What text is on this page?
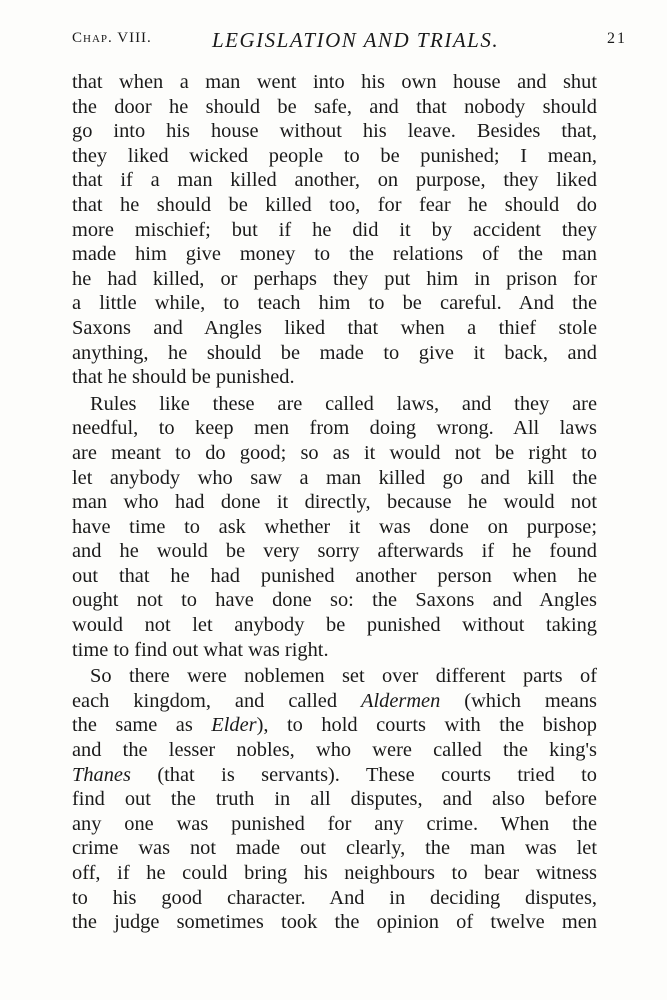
Chap. VIII.	LEGISLATION AND TRIALS.	21
that when a man went into his own house and shut
the door he should be safe, and that nobody should
go into his house without his leave. Besides that,
they liked wicked people to be punished; I mean,
that if a man killed another, on purpose, they liked
that he should be killed too, for fear he should do
more mischief; but if he did it by accident they
made him give money to the relations of the man
he had killed, or perhaps they put him in prison for
a little while, to teach him to be careful. And the
Saxons and Angles liked that when a thief stole
anything, he should be made to give it back, and
that he should be punished.
Rules like these are called laws, and they are
needful, to keep men from doing wrong. All laws
are meant to do good; so as it would not be right to
let anybody who saw a man killed go and kill the
man who had done it directly, because he would not
have time to ask whether it was done on purpose;
and he would be very sorry afterwards if he found
out that he had punished another person when he
ought not to have done so: the Saxons and Angles
would not let anybody be punished without taking
time to find out what was right.
So there were noblemen set over different parts of
each kingdom, and called Aldermen (which means
the same as Elder), to hold courts with the bishop
and the lesser nobles, who were called the king's
Thanes (that is servants). These courts tried to
find out the truth in all disputes, and also before
any one was punished for any crime. When the
crime was not made out clearly, the man was let
off, if he could bring his neighbours to bear witness
to his good character. And in deciding disputes,
the judge sometimes took the opinion of twelve men
